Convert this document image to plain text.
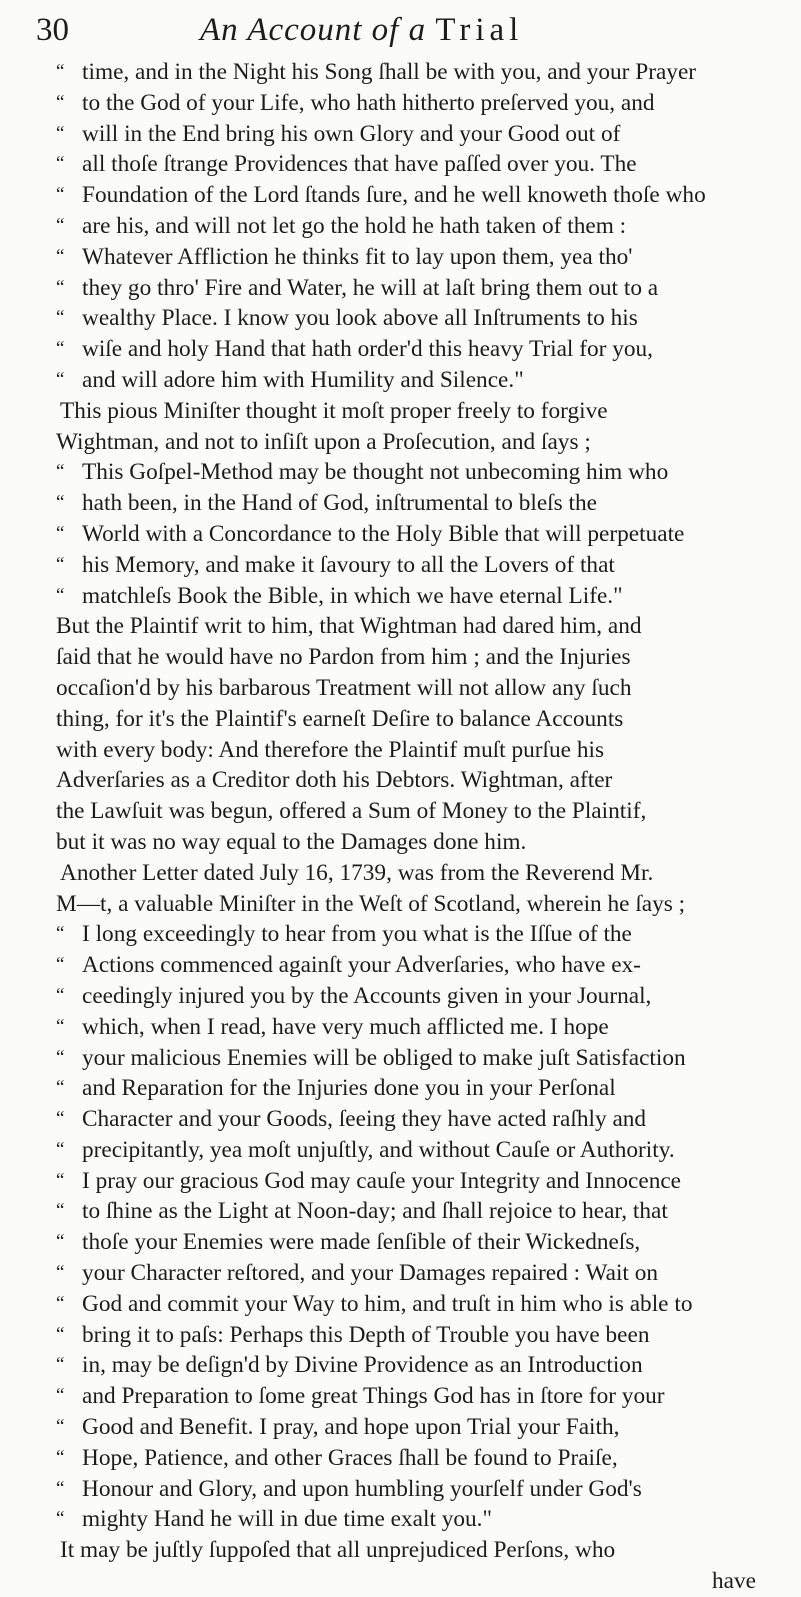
30	An Account of a Trial
“ time, and in the Night his Song ſhall be with you, and your Prayer
“ to the God of your Life, who hath hitherto preſerved you, and
“ will in the End bring his own Glory and your Good out of
“ all thoſe ſtrange Providences that have paſſed over you. The
“ Foundation of the Lord ſtands ſure, and he well knoweth thoſe who
“ are his, and will not let go the hold he hath taken of them :
“ Whatever Affliction he thinks fit to lay upon them, yea tho'
“ they go thro' Fire and Water, he will at laſt bring them out to a
“ wealthy Place. I know you look above all Inſtruments to his
“ wiſe and holy Hand that hath order'd this heavy Trial for you,
“ and will adore him with Humility and Silence."
This pious Miniſter thought it moſt proper freely to forgive
Wightman, and not to inſiſt upon a Proſecution, and ſays ;
“ This Goſpel-Method may be thought not unbecoming him who
“ hath been, in the Hand of God, inſtrumental to bleſs the
“ World with a Concordance to the Holy Bible that will perpetuate
“ his Memory, and make it ſavoury to all the Lovers of that
“ matchleſs Book the Bible, in which we have eternal Life."
But the Plaintif writ to him, that Wightman had dared him, and
ſaid that he would have no Pardon from him ; and the Injuries
occaſion'd by his barbarous Treatment will not allow any ſuch
thing, for it's the Plaintif's earneſt Deſire to balance Accounts
with every body: And therefore the Plaintif muſt purſue his
Adverſaries as a Creditor doth his Debtors. Wightman, after
the Lawſuit was begun, offered a Sum of Money to the Plaintif,
but it was no way equal to the Damages done him.
Another Letter dated July 16, 1739, was from the Reverend Mr.
M—t, a valuable Miniſter in the Weſt of Scotland, wherein he ſays ;
“ I long exceedingly to hear from you what is the Iſſue of the
“ Actions commenced againſt your Adverſaries, who have ex-
“ ceedingly injured you by the Accounts given in your Journal,
“ which, when I read, have very much afflicted me. I hope
“ your malicious Enemies will be obliged to make juſt Satisfaction
“ and Reparation for the Injuries done you in your Perſonal
“ Character and your Goods, ſeeing they have acted raſhly and
“ precipitantly, yea moſt unjuſtly, and without Cauſe or Authority.
“ I pray our gracious God may cauſe your Integrity and Innocence
“ to ſhine as the Light at Noon-day; and ſhall rejoice to hear, that
“ thoſe your Enemies were made ſenſible of their Wickedneſs,
“ your Character reſtored, and your Damages repaired : Wait on
“ God and commit your Way to him, and truſt in him who is able to
“ bring it to paſs: Perhaps this Depth of Trouble you have been
“ in, may be deſign'd by Divine Providence as an Introduction
“ and Preparation to ſome great Things God has in ſtore for your
“ Good and Benefit. I pray, and hope upon Trial your Faith,
“ Hope, Patience, and other Graces ſhall be found to Praiſe,
“ Honour and Glory, and upon humbling yourſelf under God's
“ mighty Hand he will in due time exalt you."
It may be juſtly ſuppoſed that all unprejudiced Perſons, who
have
